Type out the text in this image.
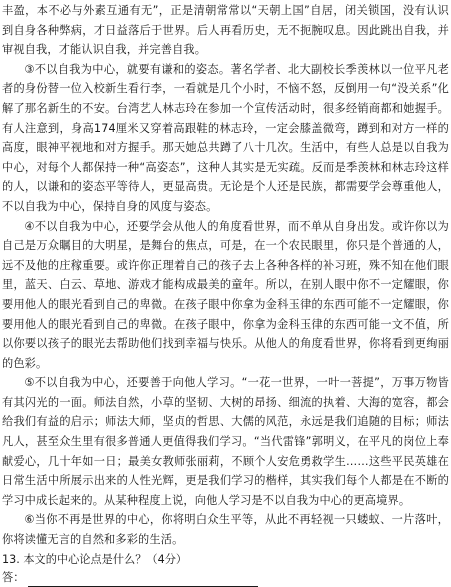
丰盈，本不必与外素互通有无”，正是清朝常常以“天朝上国”自居，闭关锁国，没有认识到自身各种弊病，才日益落后于世界。后人再看历史，无不扼腕叹息。因此跳出自我，并审视自我，才能认识自我，并完善自我。

③不以自我为中心，就要有谦和的姿态。著名学者、北大副校长季羡林以一位平凡老者的身份替一位入校新生看行李，一看就是几个小时，不恼不怒，反倒用一句“没关系”化解了那名新生的不安。台湾艺人林志玲在参加一个宣传活动时，很多经销商都和她握手。有人注意到，身高174厘米又穿着高跟鞋的林志玲，一定会膝盖微弯，蹲到和对方一样的高度，眼神平视地和对方握手。那天她总共蹲了八十几次。生活中，有些人总是以自我为中心，对每个人都保持一种“高姿态”，这种人其实是无实疏。反而是季羡林和林志玲这样的人，以谦和的姿态平等待人，更显高贵。无论是个人还是民族，都需要学会尊重他人，不以自我为中心，保持自身的风度与姿态。

④不以自我为中心，还要学会从他人的角度看世界，而不单从自身出发。或许你以为自己是万众瞩目的大明星，是舞台的焦点，可是，在一个农民眼里，你只是个普通的人，远不及他的庄稼重要。或许你正理着自己的孩子去上各种各样的补习班，殊不知在他们眼里，蓝天、白云、草地、游戏才能构成最美的童年。所以，在别人眼中你不一定耀眼，你要用他人的眼光看到自己的卑微。在孩子眼中你拿为金科玉律的东西可能不一定耀眼，你要用他人的眼光看到自己的卑微。在孩子眼中，你拿为金科玉律的东西可能一文不值，所以你要以孩子的眼光去帮助他们找到幸福与快乐。从他人的角度看世界，你将看到更绚丽的色彩。

⑤不以自我为中心，还要善于向他人学习。“一花一世界，一叶一菩提”，万事万物皆有其闪光的一面。师法自然，小草的坚韧、大树的昂扬、细流的执着、大海的宽容，都会给我们有益的启示；师法大师，坚贞的哲思、大儒的风范，永远是我们追随的目标；师法凡人，甚至众生里有很多普通人更值得我们学习。“当代雷锋”郭明义，在平凡的岗位上奉献爱心，几十年如一日；最美女教师张丽莉，不顾个人安危勇救学生……这些平民英雄在日常生活中所展示出来的人性光辉，更是我们学习的楷样，其实我们每个人都是在不断的学习中成长起来的。从某种程度上说，向他人学习是不以自我为中心的更高境界。

⑥当你不再是世界的中心，你将明白众生平等，从此不再轻视一只蝼蚁、一片落叶，你将读懂无言的自然和多彩的生活。

13. 本文的中心论点是什么？（4分）

答：
